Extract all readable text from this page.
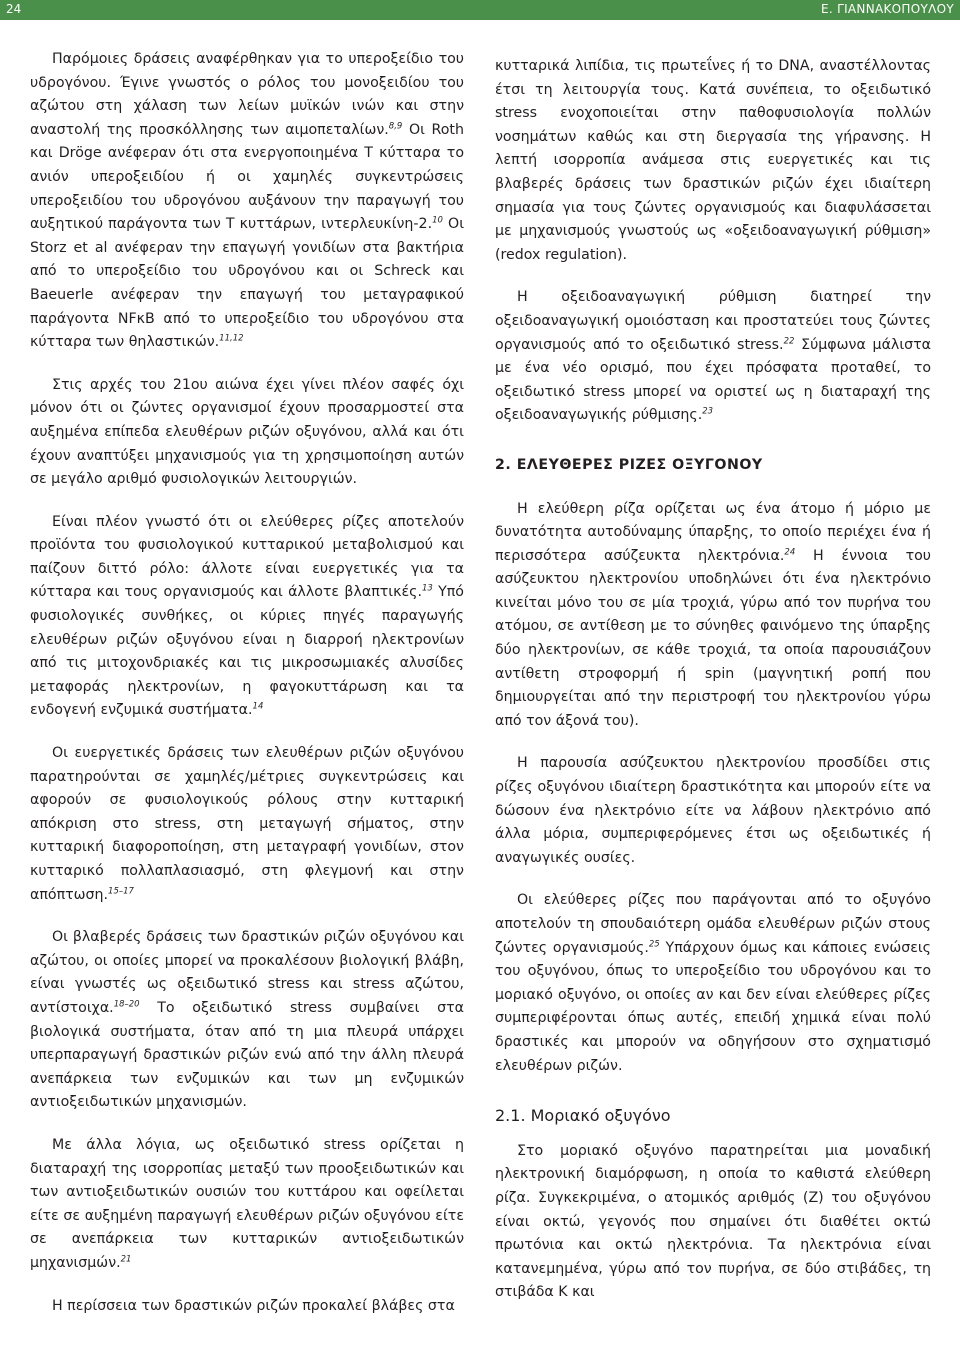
24	Ε. ΓΙΑΝΝΑΚΟΠΟΥΛΟΥ

Παρόμοιες δράσεις αναφέρθηκαν για το υπεροξείδιο του υδρογόνου. Έγινε γνωστός ο ρόλος του μονοξειδίου του αζώτου στη χάλαση των λείων μυϊκών ινών και στην αναστολή της προσκόλλησης των αιμοπεταλίων.$^{8,9}$ Οι Roth και Dröge ανέφεραν ότι στα ενεργοποιημένα Τ κύτταρα το ανιόν υπεροξειδίου ή οι χαμηλές συγκεντρώσεις υπεροξειδίου του υδρογόνου αυξάνουν την παραγωγή του αυξητικού παράγοντα των Τ κυττάρων, ιντερλευκίνη-2.10 Οι Storz et al ανέφεραν την επαγωγή γονιδίων στα βακτήρια από το υπεροξείδιο του υδρογόνου και οι Schreck και Baeuerle ανέφεραν την επαγωγή του μεταγραφικού παράγοντα NFκB από το υπεροξείδιο του υδρογόνου στα κύτταρα των θηλαστικών.$^{11,12}$

Στις αρχές του 21ου αιώνα έχει γίνει πλέον σαφές όχι μόνον ότι οι ζώντες οργανισμοί έχουν προσαρμοστεί στα αυξημένα επίπεδα ελευθέρων ριζών οξυγόνου, αλλά και ότι έχουν αναπτύξει μηχανισμούς για τη χρησιμοποίηση αυτών σε μεγάλο αριθμό φυσιολογικών λειτουργιών.

Είναι πλέον γνωστό ότι οι ελεύθερες ρίζες αποτελούν προϊόντα του φυσιολογικού κυτταρικού μεταβολισμού και παίζουν διττό ρόλο: άλλοτε είναι ευεργετικές για τα κύτταρα και τους οργανισμούς και άλλοτε βλαπτικές.$^{13}$ Υπό φυσιολογικές συνθήκες, οι κύριες πηγές παραγωγής ελευθέρων ριζών οξυγόνου είναι η διαρροή ηλεκτρονίων από τις μιτοχονδριακές και τις μικροσωμιακές αλυσίδες μεταφοράς ηλεκτρονίων, η φαγοκυττάρωση και τα ενδογενή ενζυμικά συστήματα.$^{14}$

Οι ευεργετικές δράσεις των ελευθέρων ριζών οξυγόνου παρατηρούνται σε χαμηλές/μέτριες συγκεντρώσεις και αφορούν σε φυσιολογικούς ρόλους στην κυτταρική απόκριση στο stress, στη μεταγωγή σήματος, στην κυτταρική διαφοροποίηση, στη μεταγραφή γονιδίων, στον κυτταρικό πολλαπλασιασμό, στη φλεγμονή και στην απόπτωση.$^{15-17}$

Οι βλαβερές δράσεις των δραστικών ριζών οξυγόνου και αζώτου, οι οποίες μπορεί να προκαλέσουν βιολογική βλάβη, είναι γνωστές ως οξειδωτικό stress και stress αζώτου, αντίστοιχα.$^{18-20}$ Το οξειδωτικό stress συμβαίνει στα βιολογικά συστήματα, όταν από τη μια πλευρά υπάρχει υπερπαραγωγή δραστικών ριζών ενώ από την άλλη πλευρά ανεπάρκεια των ενζυμικών και των μη ενζυμικών αντιοξειδωτικών μηχανισμών.

Με άλλα λόγια, ως οξειδωτικό stress ορίζεται η διαταραχή της ισορροπίας μεταξύ των προοξειδωτικών και των αντιοξειδωτικών ουσιών του κυττάρου και οφείλεται είτε σε αυξημένη παραγωγή ελευθέρων ριζών οξυγόνου είτε σε ανεπάρκεια των κυτταρικών αντιοξειδωτικών μηχανισμών.$^{21}$

Η περίσσεια των δραστικών ριζών προκαλεί βλάβες στα

κυτταρικά λιπίδια, τις πρωτεΐνες ή το DNA, αναστέλλοντας έτσι τη λειτουργία τους. Κατά συνέπεια, το οξειδωτικό stress ενοχοποιείται στην παθοφυσιολογία πολλών νοσημάτων καθώς και στη διεργασία της γήρανσης. Η λεπτή ισορροπία ανάμεσα στις ευεργετικές και τις βλαβερές δράσεις των δραστικών ριζών έχει ιδιαίτερη σημασία για τους ζώντες οργανισμούς και διαφυλάσσεται με μηχανισμούς γνωστούς ως «οξειδοαναγωγική ρύθμιση» (redox regulation).

Η οξειδοαναγωγική ρύθμιση διατηρεί την οξειδοαναγωγική ομοιόσταση και προστατεύει τους ζώντες οργανισμούς από το οξειδωτικό stress.$^{22}$ Σύμφωνα μάλιστα με ένα νέο ορισμό, που έχει πρόσφατα προταθεί, το οξειδωτικό stress μπορεί να οριστεί ως η διαταραχή της οξειδοαναγωγικής ρύθμισης.$^{23}$

2. ΕΛΕΥΘΕΡΕΣ ΡΙΖΕΣ ΟΞΥΓΟΝΟΥ

Η ελεύθερη ρίζα ορίζεται ως ένα άτομο ή μόριο με δυνατότητα αυτοδύναμης ύπαρξης, το οποίο περιέχει ένα ή περισσότερα ασύζευκτα ηλεκτρόνια.$^{24}$ Η έννοια του ασύζευκτου ηλεκτρονίου υποδηλώνει ότι ένα ηλεκτρόνιο κινείται μόνο του σε μία τροχιά, γύρω από τον πυρήνα του ατόμου, σε αντίθεση με το σύνηθες φαινόμενο της ύπαρξης δύο ηλεκτρονίων, σε κάθε τροχιά, τα οποία παρουσιάζουν αντίθετη στροφορμή ή spin (μαγνητική ροπή που δημιουργείται από την περιστροφή του ηλεκτρονίου γύρω από τον άξονά του).

Η παρουσία ασύζευκτου ηλεκτρονίου προσδίδει στις ρίζες οξυγόνου ιδιαίτερη δραστικότητα και μπορούν είτε να δώσουν ένα ηλεκτρόνιο είτε να λάβουν ηλεκτρόνιο από άλλα μόρια, συμπεριφερόμενες έτσι ως οξειδωτικές ή αναγωγικές ουσίες.

Οι ελεύθερες ρίζες που παράγονται από το οξυγόνο αποτελούν τη σπουδαιότερη ομάδα ελευθέρων ριζών στους ζώντες οργανισμούς.$^{25}$ Υπάρχουν όμως και κάποιες ενώσεις του οξυγόνου, όπως το υπεροξείδιο του υδρογόνου και το μοριακό οξυγόνο, οι οποίες αν και δεν είναι ελεύθερες ρίζες συμπεριφέρονται όπως αυτές, επειδή χημικά είναι πολύ δραστικές και μπορούν να οδηγήσουν στο σχηματισμό ελευθέρων ριζών.

2.1. Μοριακό οξυγόνο

Στο μοριακό οξυγόνο παρατηρείται μια μοναδική ηλεκτρονική διαμόρφωση, η οποία το καθιστά ελεύθερη ρίζα. Συγκεκριμένα, ο ατομικός αριθμός (Ζ) του οξυγόνου είναι οκτώ, γεγονός που σημαίνει ότι διαθέτει οκτώ πρωτόνια και οκτώ ηλεκτρόνια. Τα ηλεκτρόνια είναι κατανεμημένα, γύρω από τον πυρήνα, σε δύο στιβάδες, τη στιβάδα Κ και
